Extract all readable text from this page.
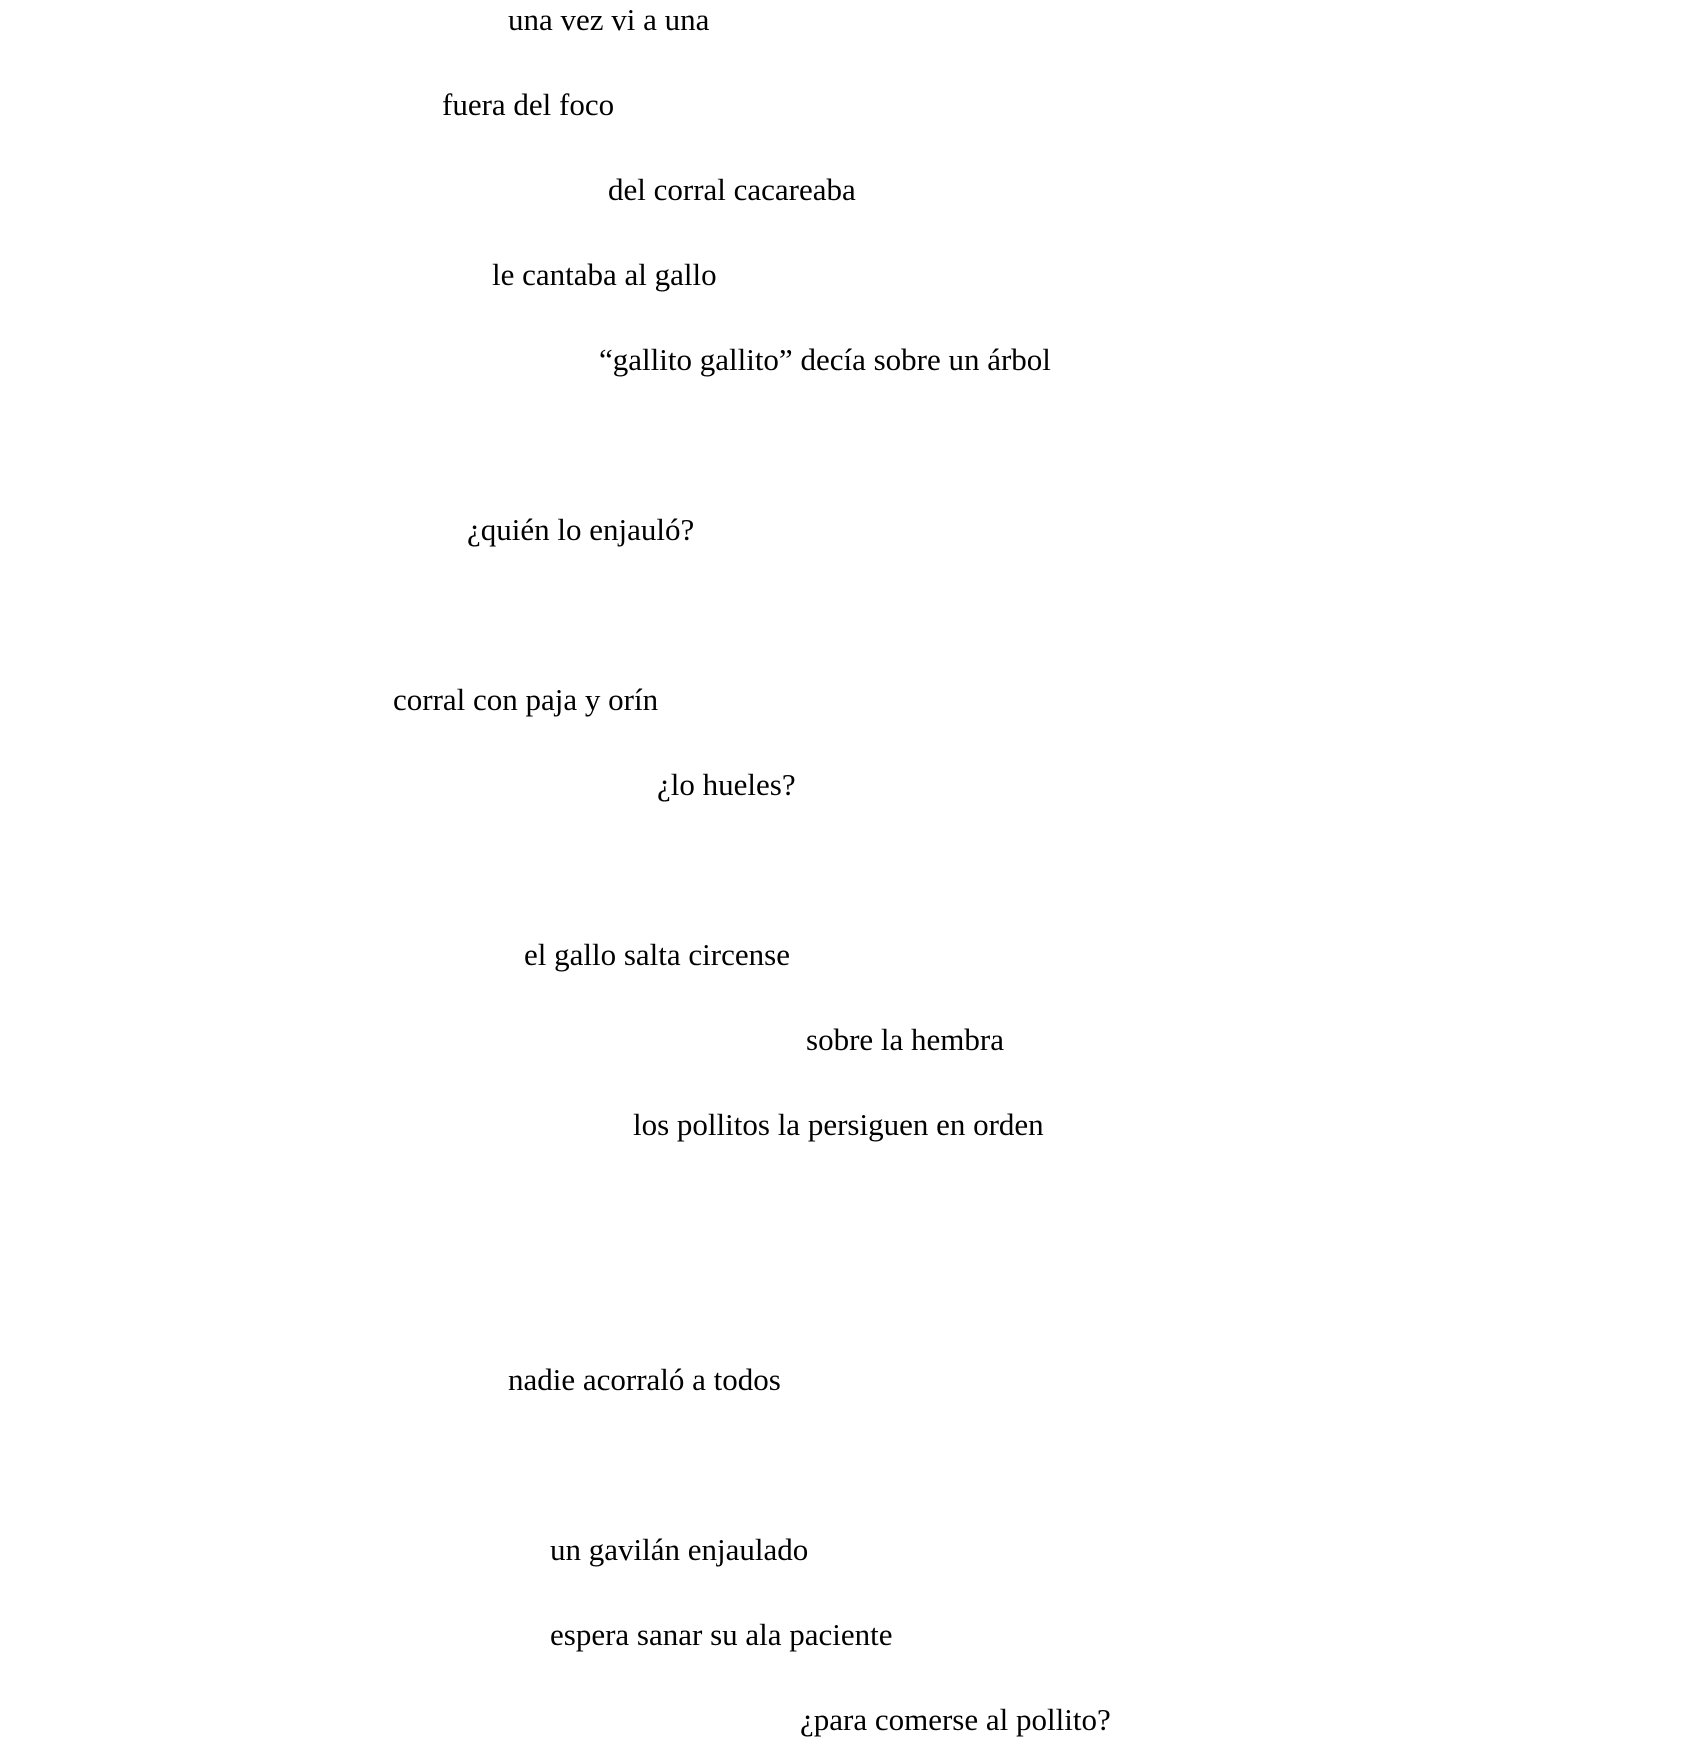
una vez vi a una

fuera del foco

del corral cacareaba

le cantaba al gallo

“gallito gallito” decía sobre un árbol

¿quién lo enjauló?

corral con paja y orín

¿lo hueles?

el gallo salta circense

sobre la hembra

los pollitos la persiguen en orden

nadie acorraló a todos

un gavilán enjaulado

espera sanar su ala paciente

¿para comerse al pollito?
